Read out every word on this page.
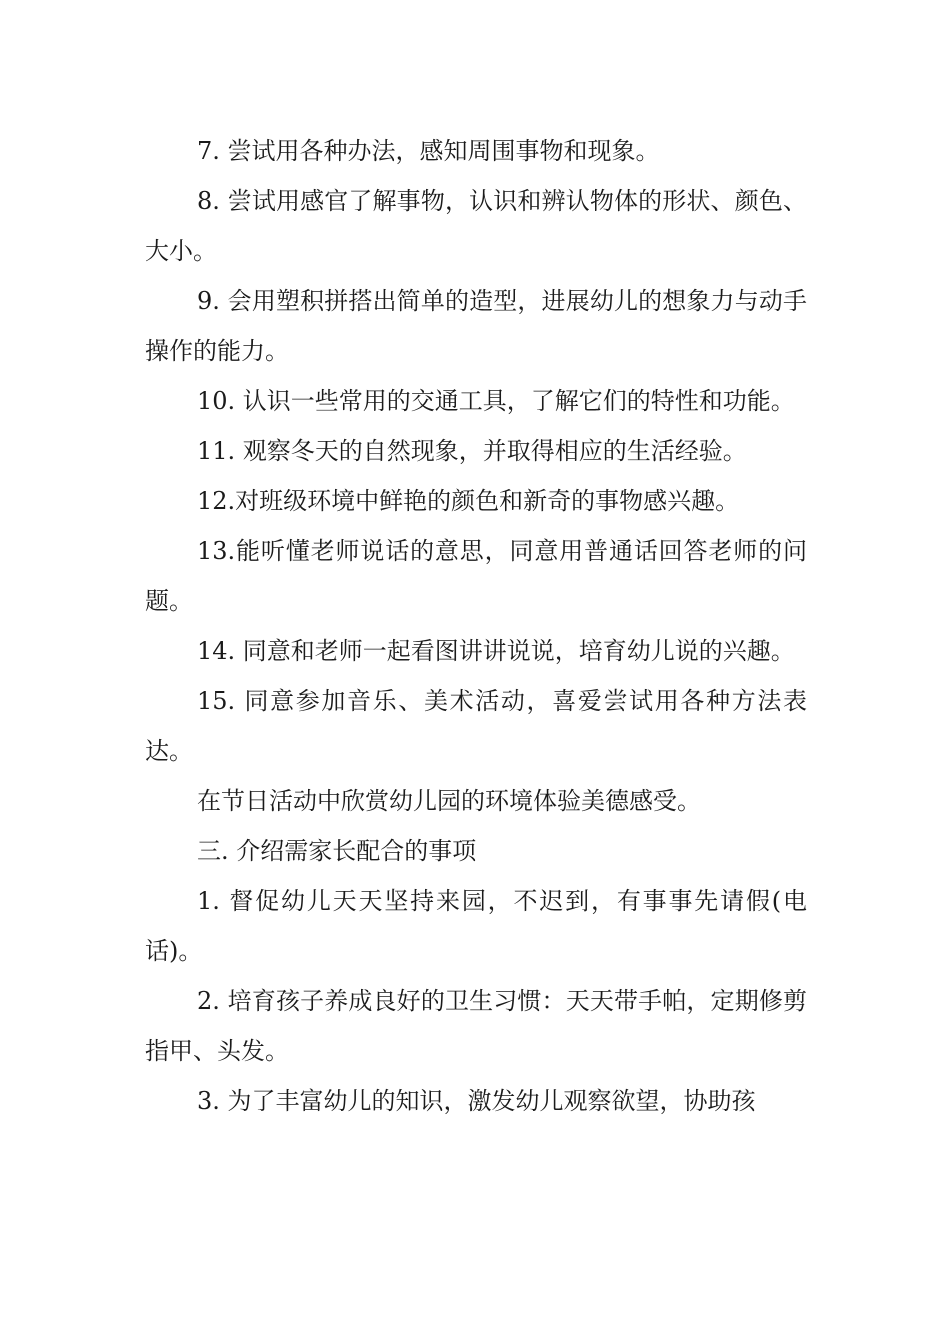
7. 尝试用各种办法，感知周围事物和现象。

8. 尝试用感官了解事物，认识和辨认物体的形状、颜色、大小。

9. 会用塑积拼搭出简单的造型，进展幼儿的想象力与动手操作的能力。

10. 认识一些常用的交通工具，了解它们的特性和功能。

11. 观察冬天的自然现象，并取得相应的生活经验。

12.对班级环境中鲜艳的颜色和新奇的事物感兴趣。

13.能听懂老师说话的意思，同意用普通话回答老师的问题。

14. 同意和老师一起看图讲讲说说，培育幼儿说的兴趣。

15. 同意参加音乐、美术活动，喜爱尝试用各种方法表达。

在节日活动中欣赏幼儿园的环境体验美德感受。

三. 介绍需家长配合的事项

1. 督促幼儿天天坚持来园，不迟到，有事事先请假(电话)。

2. 培育孩子养成良好的卫生习惯：天天带手帕，定期修剪指甲、头发。

3. 为了丰富幼儿的知识，激发幼儿观察欲望，协助孩
